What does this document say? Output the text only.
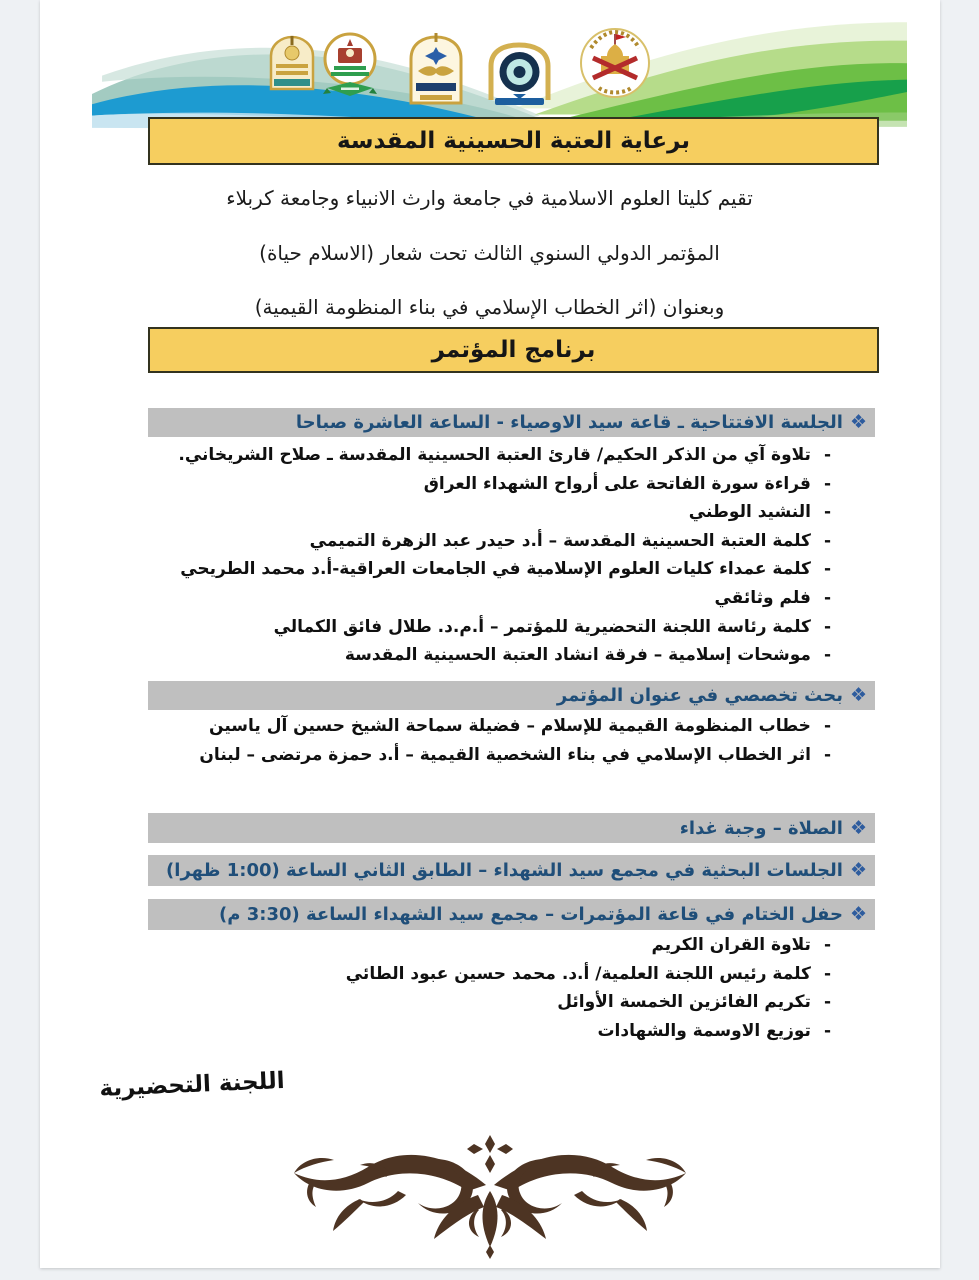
برعاية العتبة الحسينية المقدسة
تقيم كليتا العلوم الاسلامية في جامعة وارث الانبياء وجامعة كربلاء
المؤتمر الدولي السنوي الثالث تحت شعار (الاسلام حياة)
وبعنوان (اثر الخطاب الإسلامي في بناء المنظومة القيمية)
برنامج المؤتمر
❖
الجلسة الافتتاحية ـ قاعة سيد الاوصياء - الساعة العاشرة صباحا
-
تلاوة آي من الذكر الحكيم/ قارئ العتبة الحسينية المقدسة ـ صلاح الشريخاني.
-
قراءة سورة الفاتحة على أرواح الشهداء العراق
-
النشيد الوطني
-
كلمة العتبة الحسينية المقدسة – أ.د حيدر عبد الزهرة التميمي
-
كلمة عمداء كليات العلوم الإسلامية في الجامعات العراقية-أ.د محمد الطريحي
-
فلم وثائقي
-
كلمة رئاسة اللجنة التحضيرية للمؤتمر – أ.م.د. طلال فائق الكمالي
-
موشحات إسلامية – فرقة انشاد العتبة الحسينية المقدسة
❖
بحث تخصصي في عنوان المؤتمر
-
خطاب المنظومة القيمية للإسلام – فضيلة سماحة الشيخ حسين آل ياسين
-
اثر الخطاب الإسلامي في بناء الشخصية القيمية – أ.د حمزة مرتضى – لبنان
❖
الصلاة – وجبة غداء
❖
الجلسات البحثية في مجمع سيد الشهداء – الطابق الثاني الساعة (1:00 ظهرا)
❖
حفل الختام في قاعة المؤتمرات – مجمع سيد الشهداء الساعة (3:30 م)
-
تلاوة القران الكريم
-
كلمة رئيس اللجنة العلمية/ أ.د. محمد حسين عبود الطائي
-
تكريم الفائزين الخمسة الأوائل
-
توزيع الاوسمة والشهادات
اللجنة التحضيرية
